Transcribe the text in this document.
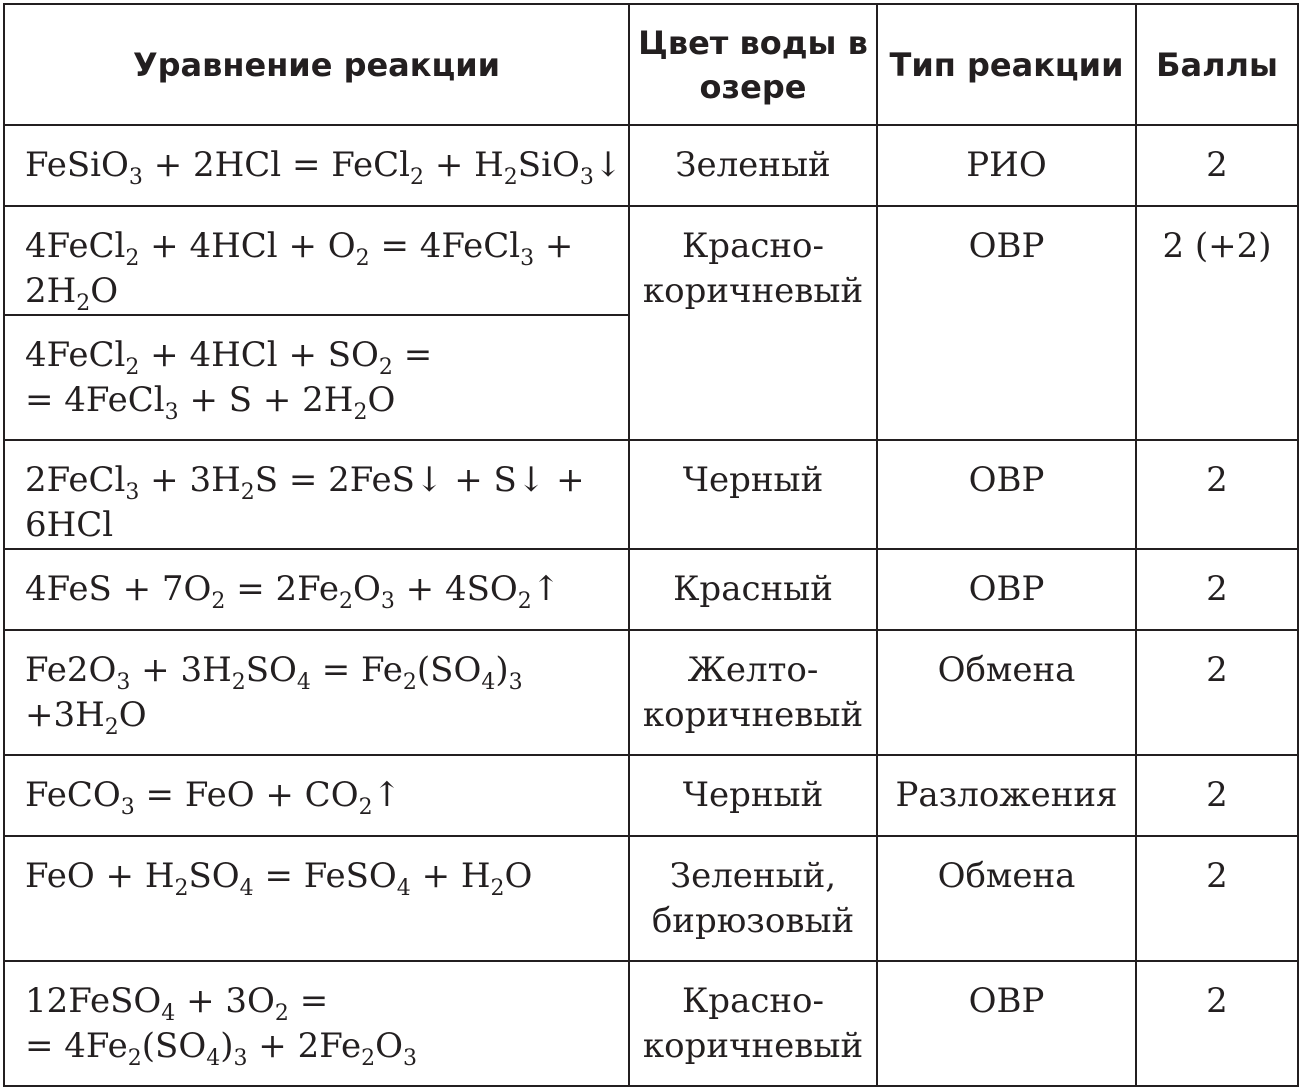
Уравнение реакции	Цвет воды в озере	Тип реакции	Баллы
FeSiO$_3$ + 2HCl = FeCl$_2$ + $H_2SiO_3↓$	Зеленый	РИО	2
4FeCl$_2$ + $4HCl + O_2$ = 4FeCl$_3$ + $2H_2O$	Красно-коричневый	ОВР	2 (+2)

4FeCl$_2$ + $4HCl + SO_2$ =
= 4FeCl$_3$ + $S + 2H_2O$			

2FeCl$_3$ + $3H_2S$ = 2FeS↓ + S↓ + 6HCl	Черный	ОВР	2
$4FeS + 7O_2 = 2Fe_2O_3$ + $4SO_2↑$	Красный	ОВР	2
$Fe2O_3 + 3H_2SO_4 = Fe_2(SO_4)_3 +3H_2O$	Желто-коричневый	Обмена	2
FeCO$_3$ = FeO + $CO_2↑$	Черный	Разложения	2
FeO + $H_2SO_4$ = FeSO$_4$ + $H_2O$	Зеленый, бирюзовый	Обмена	2

12FeSO$_4$ + $3O_2$ =
= $4Fe_2(SO_4)_3 + 2Fe_2O_3$	Красно-коричневый	ОВР	2
